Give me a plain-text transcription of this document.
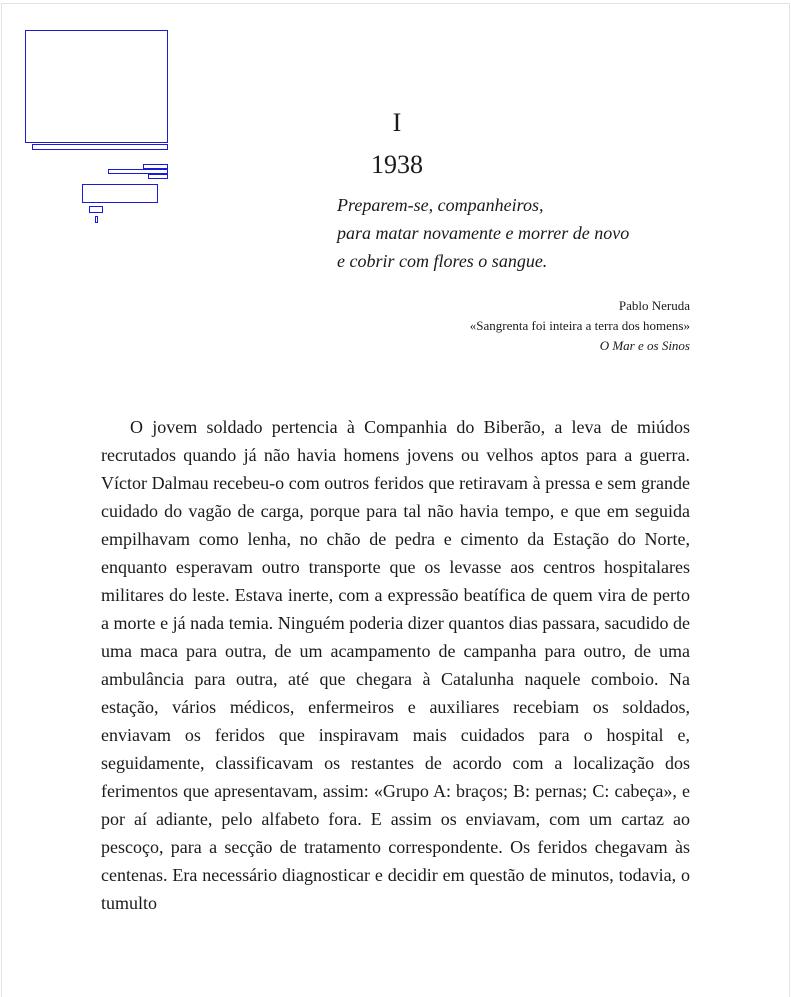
I
1938
Preparem-se, companheiros,
para matar novamente e morrer de novo
e cobrir com flores o sangue.
Pablo Neruda
«Sangrenta foi inteira a terra dos homens»
O Mar e os Sinos

O jovem soldado pertencia à Companhia do Biberão, a leva de miúdos recrutados quando já não havia homens jovens ou velhos aptos para a guerra. Víctor Dalmau recebeu-o com outros feridos que retiravam à pressa e sem grande cuidado do vagão de carga, porque para tal não havia tempo, e que em seguida empilhavam como lenha, no chão de pedra e cimento da Estação do Norte, enquanto esperavam outro transporte que os levasse aos centros hospitalares militares do leste. Estava inerte, com a expressão beatífica de quem vira de perto a morte e já nada temia. Ninguém poderia dizer quantos dias passara, sacudido de uma maca para outra, de um acampamento de campanha para outro, de uma ambulância para outra, até que chegara à Catalunha naquele comboio. Na estação, vários médicos, enfermeiros e auxiliares recebiam os soldados, enviavam os feridos que inspiravam mais cuidados para o hospital e, seguidamente, classificavam os restantes de acordo com a localização dos ferimentos que apresentavam, assim: «Grupo A: braços; B: pernas; C: cabeça», e por aí adiante, pelo alfabeto fora. E assim os enviavam, com um cartaz ao pescoço, para a secção de tratamento correspondente. Os feridos chegavam às centenas. Era necessário diagnosticar e decidir em questão de minutos, todavia, o tumulto
